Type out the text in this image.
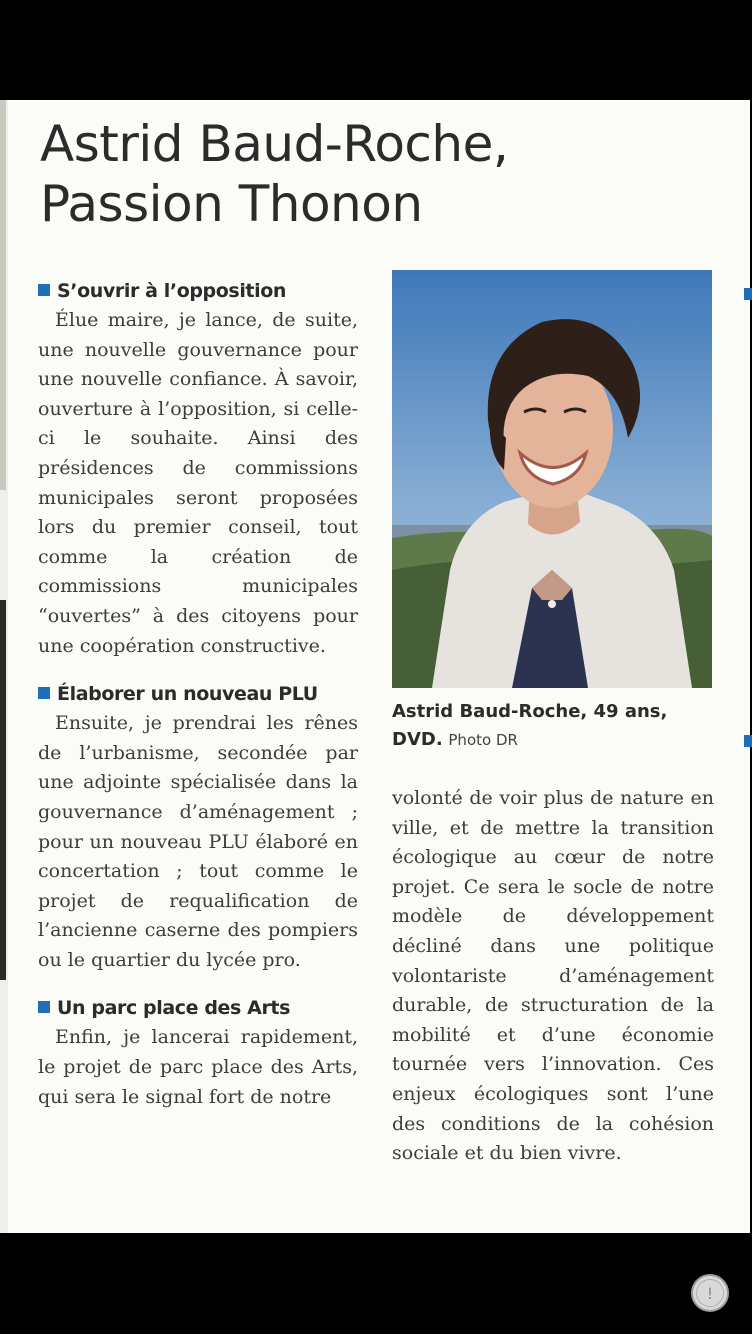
Astrid Baud-Roche,
Passion Thonon
S’ouvrir à l’opposition

Élue maire, je lance, de suite, une nouvelle gouvernance pour une nouvelle confiance. À savoir, ouverture à l’opposition, si celle-ci le souhaite. Ainsi des présidences de commissions municipales seront proposées lors du premier conseil, tout comme la création de commissions municipales “ouvertes” à des citoyens pour une coopération constructive.

Élaborer un nouveau PLU

Ensuite, je prendrai les rênes de l’urbanisme, secondée par une adjointe spécialisée dans la gouvernance d’aménagement ; pour un nouveau PLU élaboré en concertation ; tout comme le projet de requalification de l’ancienne caserne des pompiers ou le quartier du lycée pro.

Un parc place des Arts

Enfin, je lancerai rapidement, le projet de parc place des Arts, qui sera le signal fort de notre

Astrid Baud-Roche, 49 ans, DVD. Photo DR

volonté de voir plus de nature en ville, et de mettre la transition écologique au cœur de notre projet. Ce sera le socle de notre modèle de développement décliné dans une politique volontariste d’aménagement durable, de structuration de la mobilité et d’une économie tournée vers l’innovation. Ces enjeux écologiques sont l’une des conditions de la cohésion sociale et du bien vivre.

!
